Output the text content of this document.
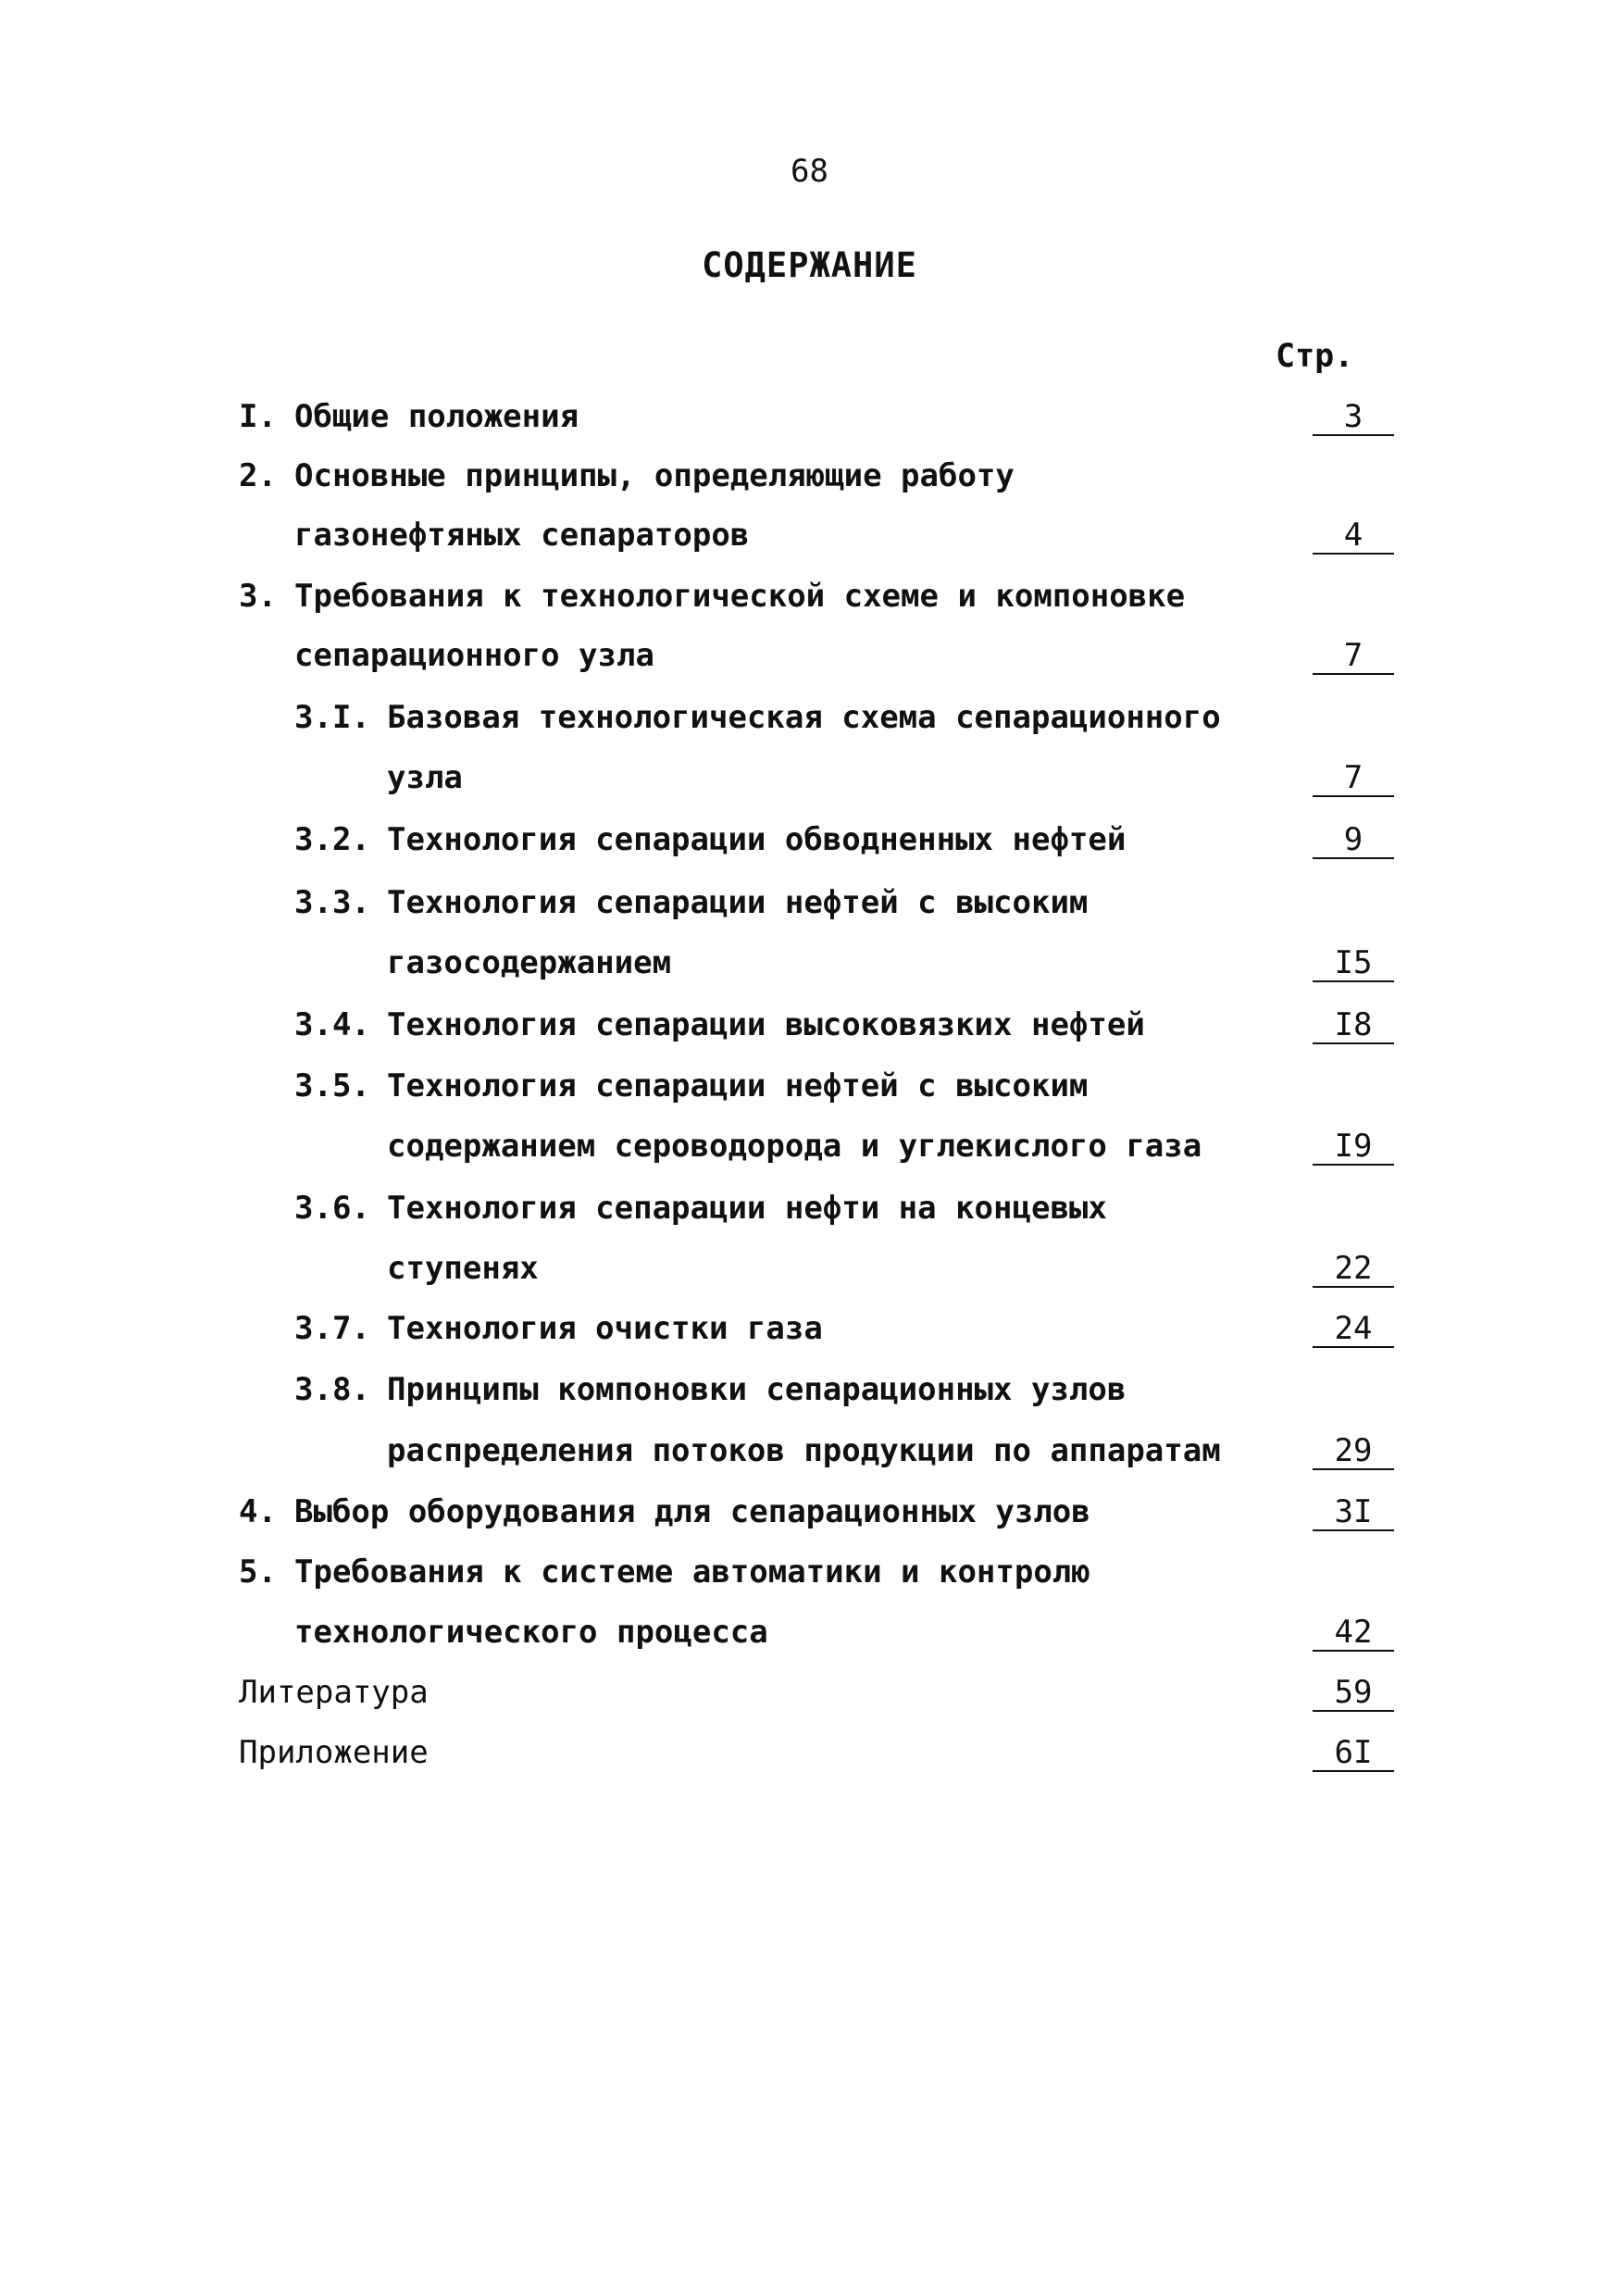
68
СОДЕРЖАНИЕ
Стр.
I. Общие положения	3
2. Основные принципы, определяющие работу
газонефтяных сепараторов	4
3. Требования к технологической схеме и компоновке
сепарационного узла	7
3.I. Базовая технологическая схема сепарационного
узла	7
3.2. Технология сепарации обводненных нефтей	9
3.3. Технология сепарации нефтей с высоким
газосодержанием	I5
3.4. Технология сепарации высоковязких нефтей	I8
3.5. Технология сепарации нефтей с высоким
содержанием сероводорода и углекислого газа	I9
3.6. Технология сепарации нефти на концевых
ступенях	22
3.7. Технология очистки газа	24
3.8. Принципы компоновки сепарационных узлов
распределения потоков продукции по аппаратам	29
4. Выбор оборудования для сепарационных узлов	3I
5. Требования к системе автоматики и контролю
технологического процесса	42
Литература	59
Приложение	6I
